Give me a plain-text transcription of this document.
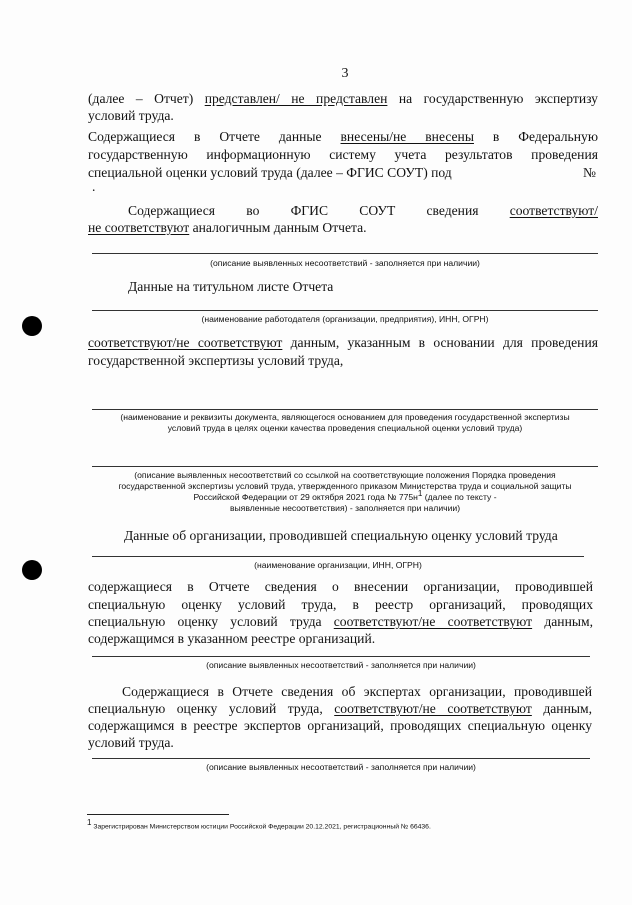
3
(далее – Отчет) представлен/ не представлен на государственную экспертизу
условий труда.
Содержащиеся в Отчете данные внесены/не внесены в Федеральную
государственную информационную систему учета результатов проведения
специальной оценки условий труда (далее – ФГИС СОУТ) под	№
.
Содержащиеся во ФГИС СОУТ сведения соответствуют/
не соответствуют аналогичным данным Отчета.
(описание выявленных несоответствий - заполняется при наличии)
Данные на титульном листе Отчета
(наименование работодателя (организации, предприятия), ИНН, ОГРН)
соответствуют/не соответствуют данным, указанным в основании для проведения
государственной экспертизы условий труда,
(наименование и реквизиты документа, являющегося основанием для проведения государственной экспертизы
условий труда в целях оценки качества проведения специальной оценки условий труда)
(описание выявленных несоответствий со ссылкой на соответствующие положения Порядка проведения
государственной экспертизы условий труда, утвержденного приказом Министерства труда и социальной защиты
Российской Федерации от 29 октября 2021 года № $775н^1$ (далее по тексту -
выявленные несоответствия) - заполняется при наличии)
Данные об организации, проводившей специальную оценку условий труда
(наименование организации, ИНН, ОГРН)
содержащиеся в Отчете сведения о внесении организации, проводившей
специальную оценку условий труда, в реестр организаций, проводящих
специальную оценку условий труда соответствуют/не соответствуют данным,
содержащимся в указанном реестре организаций.
(описание выявленных несоответствий - заполняется при наличии)
Содержащиеся в Отчете сведения об экспертах организации, проводившей
специальную оценку условий труда, соответствуют/не соответствуют данным,
содержащимся в реестре экспертов организаций, проводящих специальную оценку
условий труда.
(описание выявленных несоответствий - заполняется при наличии)
$^1$ Зарегистрирован Министерством юстиции Российской Федерации 20.12.2021, регистрационный № 66436.
